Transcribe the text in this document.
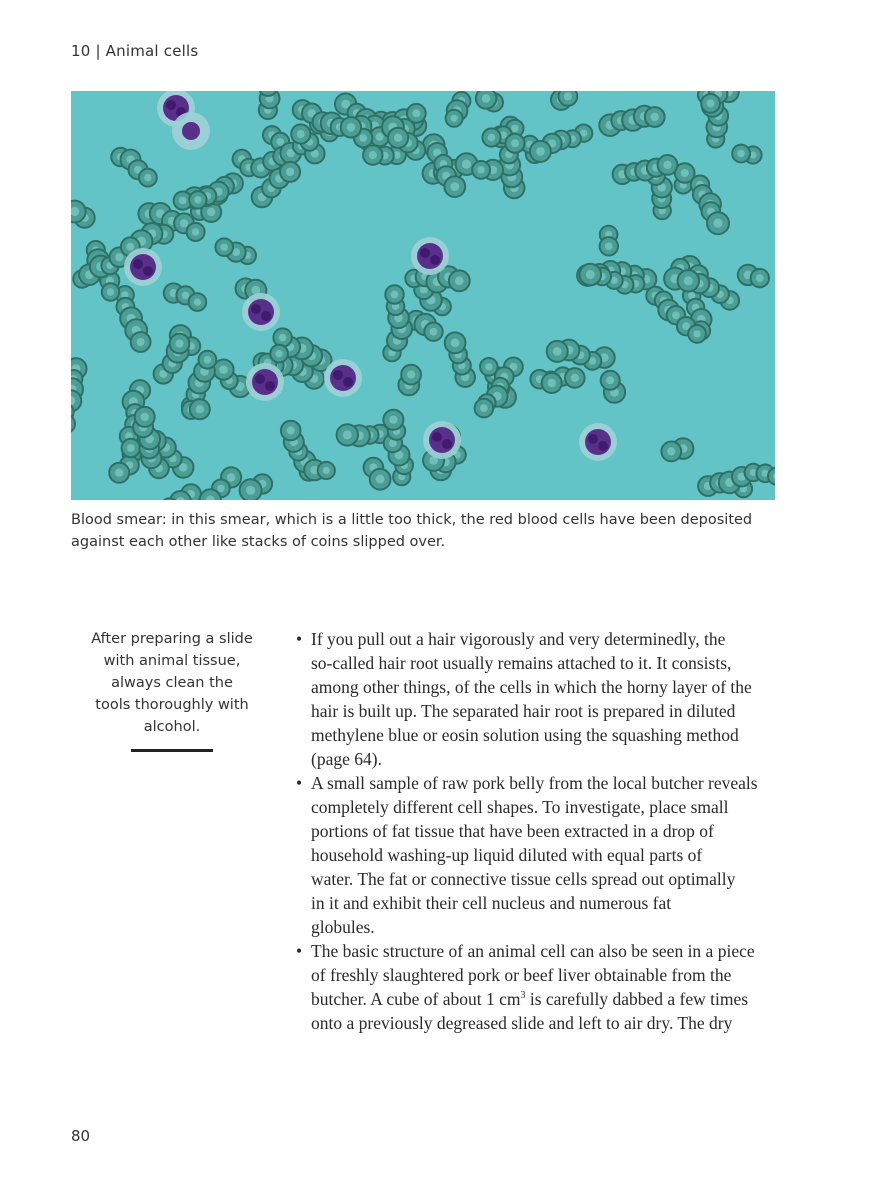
10 | Animal cells
Blood smear: in this smear, which is a little too thick, the red blood cells have been deposited
against each other like stacks of coins slipped over.
After preparing a slide
with animal tissue,
always clean the
tools thoroughly with
alcohol.
• If you pull out a hair vigorously and very determinedly, the
so-called hair root usually remains attached to it. It consists,
among other things, of the cells in which the horny layer of the
hair is built up. The separated hair root is prepared in diluted
methylene blue or eosin solution using the squashing method
(page 64).
• A small sample of raw pork belly from the local butcher reveals
completely different cell shapes. To investigate, place small
portions of fat tissue that have been extracted in a drop of
household washing-up liquid diluted with equal parts of
water. The fat or connective tissue cells spread out optimally
in it and exhibit their cell nucleus and numerous fat
globules.
• The basic structure of an animal cell can also be seen in a piece
of freshly slaughtered pork or beef liver obtainable from the
butcher. A cube of about 1 $cm^3$ is carefully dabbed a few times
onto a previously degreased slide and left to air dry. The dry
80
